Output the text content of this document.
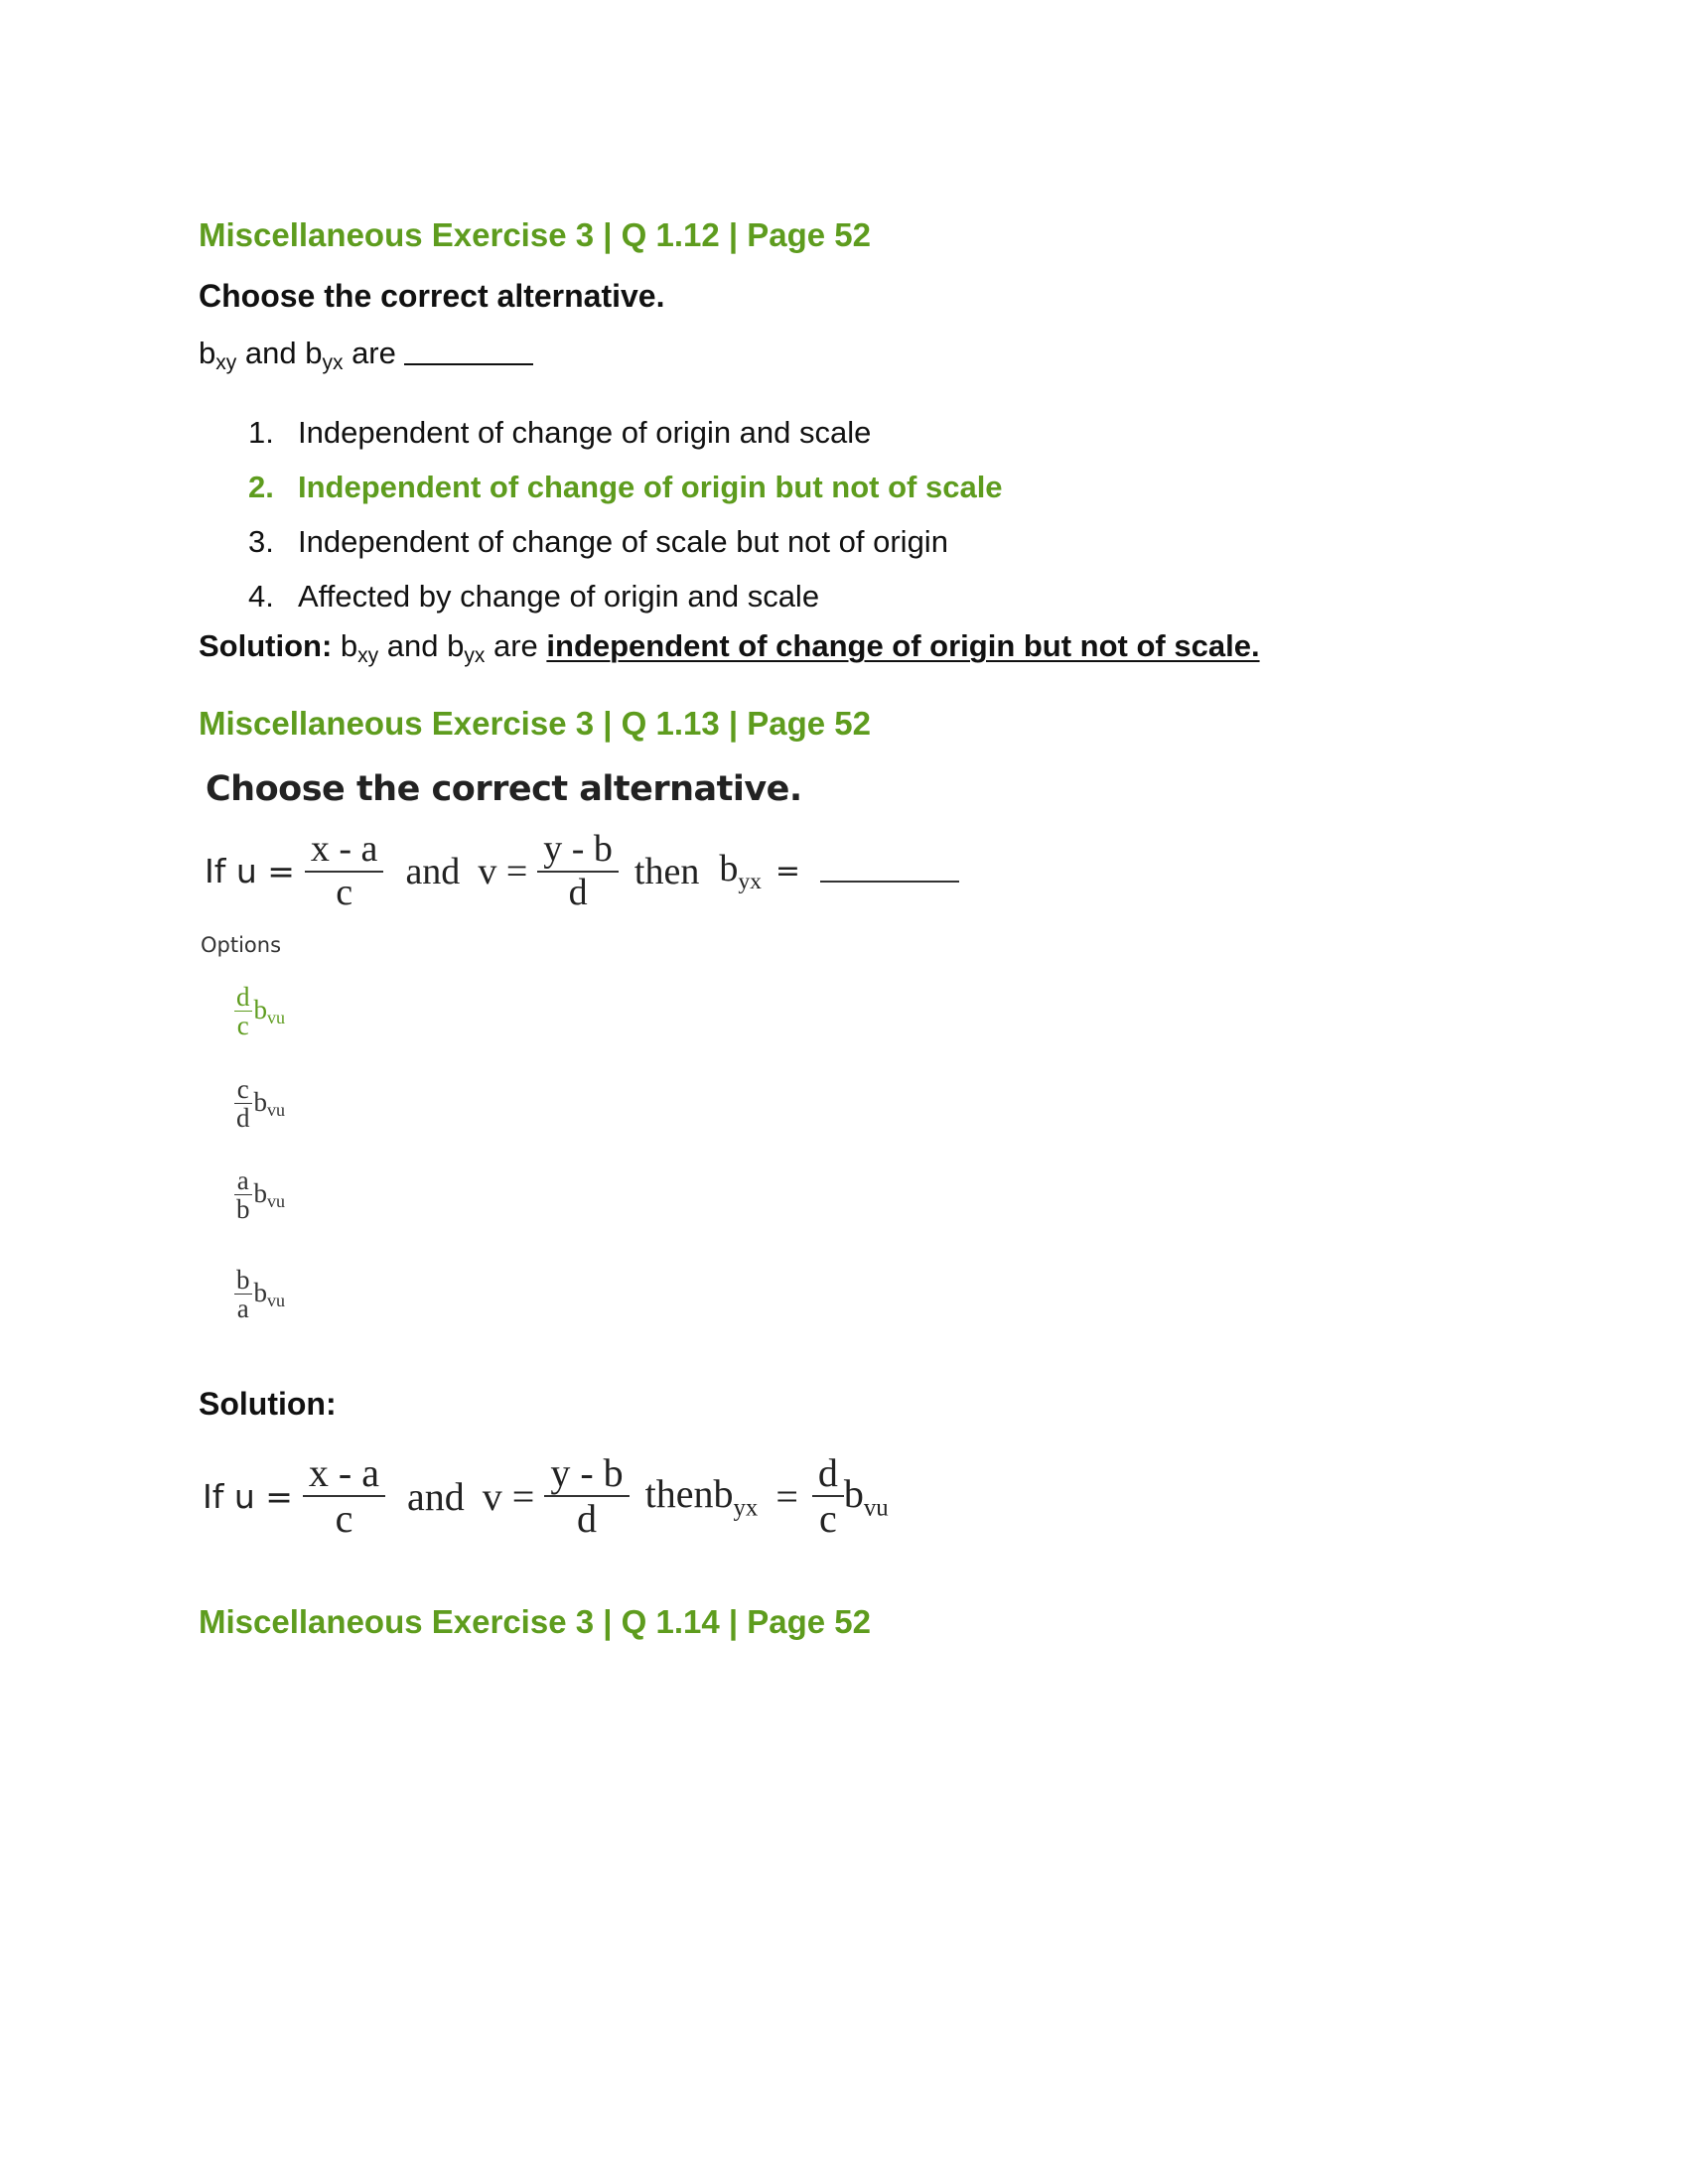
Miscellaneous Exercise 3 | Q 1.12 | Page 52
Choose the correct alternative.
$b_{xy}$ and $b_{yx}$ are
1. Independent of change of origin and scale
2. Independent of change of origin but not of scale
3. Independent of change of scale but not of origin
4. Affected by change of origin and scale
Solution: $b_{xy}$ and $b_{yx}$ are independent of change of origin but not of scale.
Miscellaneous Exercise 3 | Q 1.13 | Page 52
Choose the correct alternative.
If $u = \frac{x - a}{c}$ and $v = \frac{y - b}{d}$ then $b_{yx}$ =
Options
$\frac{d}{c} b_{vu}$
$\frac{c}{d} b_{vu}$
$\frac{a}{b} b_{vu}$
$\frac{b}{a} b_{vu}$
Solution:
If $u = \frac{x - a}{c}$ and $v = \frac{y - b}{d}$ thenb$_{yx}$ = $\frac{d}{c} b_{vu}$
Miscellaneous Exercise 3 | Q 1.14 | Page 52
